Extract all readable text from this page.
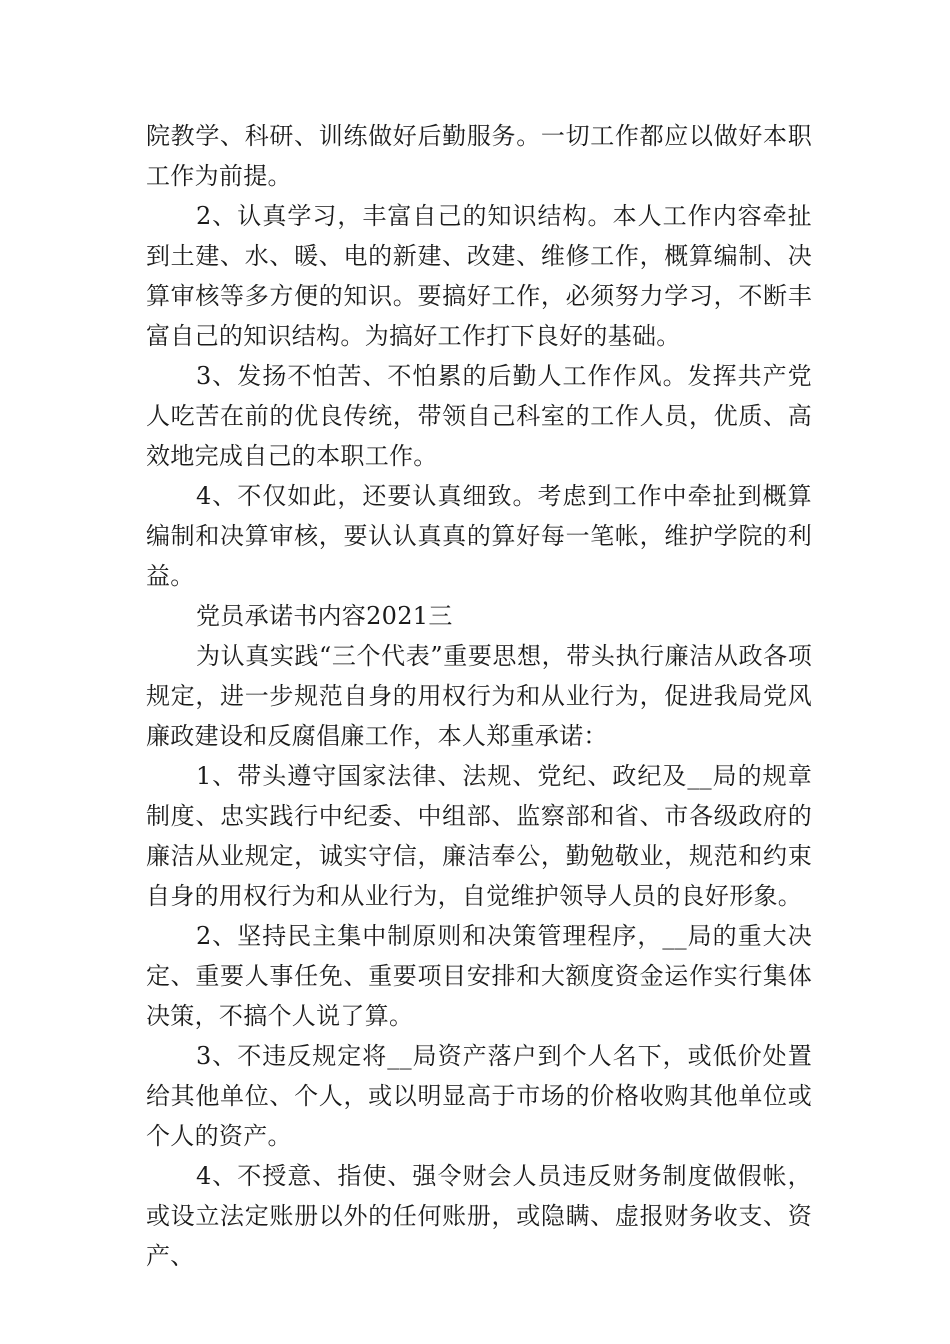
院教学、科研、训练做好后勤服务。一切工作都应以做好本职工作为前提。

2、认真学习，丰富自己的知识结构。本人工作内容牵扯到土建、水、暖、电的新建、改建、维修工作，概算编制、决算审核等多方便的知识。要搞好工作，必须努力学习，不断丰富自己的知识结构。为搞好工作打下良好的基础。

3、发扬不怕苦、不怕累的后勤人工作作风。发挥共产党人吃苦在前的优良传统，带领自己科室的工作人员，优质、高效地完成自己的本职工作。

4、不仅如此，还要认真细致。考虑到工作中牵扯到概算编制和决算审核，要认认真真的算好每一笔帐，维护学院的利益。

党员承诺书内容2021三

为认真实践“三个代表”重要思想，带头执行廉洁从政各项规定，进一步规范自身的用权行为和从业行为，促进我局党风廉政建设和反腐倡廉工作，本人郑重承诺：

1、带头遵守国家法律、法规、党纪、政纪及__局的规章制度、忠实践行中纪委、中组部、监察部和省、市各级政府的廉洁从业规定，诚实守信，廉洁奉公，勤勉敬业，规范和约束自身的用权行为和从业行为，自觉维护领导人员的良好形象。

2、坚持民主集中制原则和决策管理程序，__局的重大决定、重要人事任免、重要项目安排和大额度资金运作实行集体决策，不搞个人说了算。

3、不违反规定将__局资产落户到个人名下，或低价处置给其他单位、个人，或以明显高于市场的价格收购其他单位或个人的资产。

4、不授意、指使、强令财会人员违反财务制度做假帐，或设立法定账册以外的任何账册，或隐瞒、虚报财务收支、资产、
